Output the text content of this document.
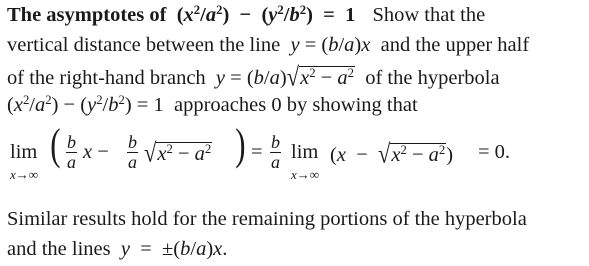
The asymptotes of  $(x^2/a^2) - (y^2/b^2) = 1$ Show that the
vertical distance between the line y = (b/a)x and the upper half
of the right-hand branch $y = (b/a)√x^2 - a^2$ of the hyperbola
$(x^2/a^2) - (y^2/b^2) = 1$  approaches 0 by showing that
lim
x→∞
( $\frac{b}{a}$ $x - \frac{b}{a} √x^2 - a^2$ ) = $\frac{b}{a}$ lim
x→∞
$(x - √x^2 - a^2) = 0$.
Similar results hold for the remaining portions of the hyperbola
and the lines y  =  ±(b/a)x.
